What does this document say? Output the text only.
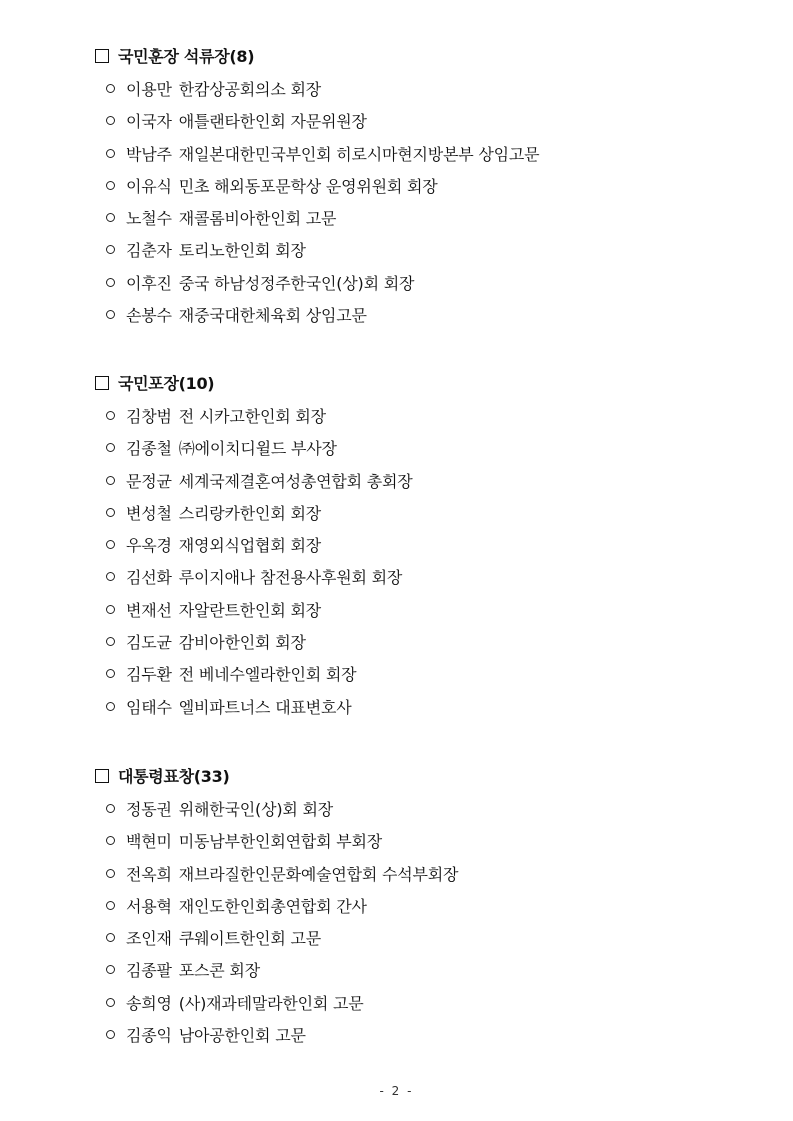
국민훈장 석류장(8)
이용만 한캄상공회의소 회장
이국자 애틀랜타한인회 자문위원장
박남주 재일본대한민국부인회 히로시마현지방본부 상임고문
이유식 민초 해외동포문학상 운영위원회 회장
노철수 재콜롬비아한인회 고문
김춘자 토리노한인회 회장
이후진 중국 하남성정주한국인(상)회 회장
손봉수 재중국대한체육회 상임고문
국민포장(10)
김창범 전 시카고한인회 회장
김종철 ㈜에이치디윌드 부사장
문정균 세계국제결혼여성총연합회 총회장
변성철 스리랑카한인회 회장
우옥경 재영외식업협회 회장
김선화 루이지애나 참전용사후원회 회장
변재선 자알란트한인회 회장
김도균 감비아한인회 회장
김두환 전 베네수엘라한인회 회장
임태수 엘비파트너스 대표변호사
대통령표창(33)
정동권 위해한국인(상)회 회장
백현미 미동남부한인회연합회 부회장
전옥희 재브라질한인문화예술연합회 수석부회장
서용혁 재인도한인회총연합회 간사
조인재 쿠웨이트한인회 고문
김종팔 포스콘 회장
송희영 (사)재과테말라한인회 고문
김종익 남아공한인회 고문
- 2 -
